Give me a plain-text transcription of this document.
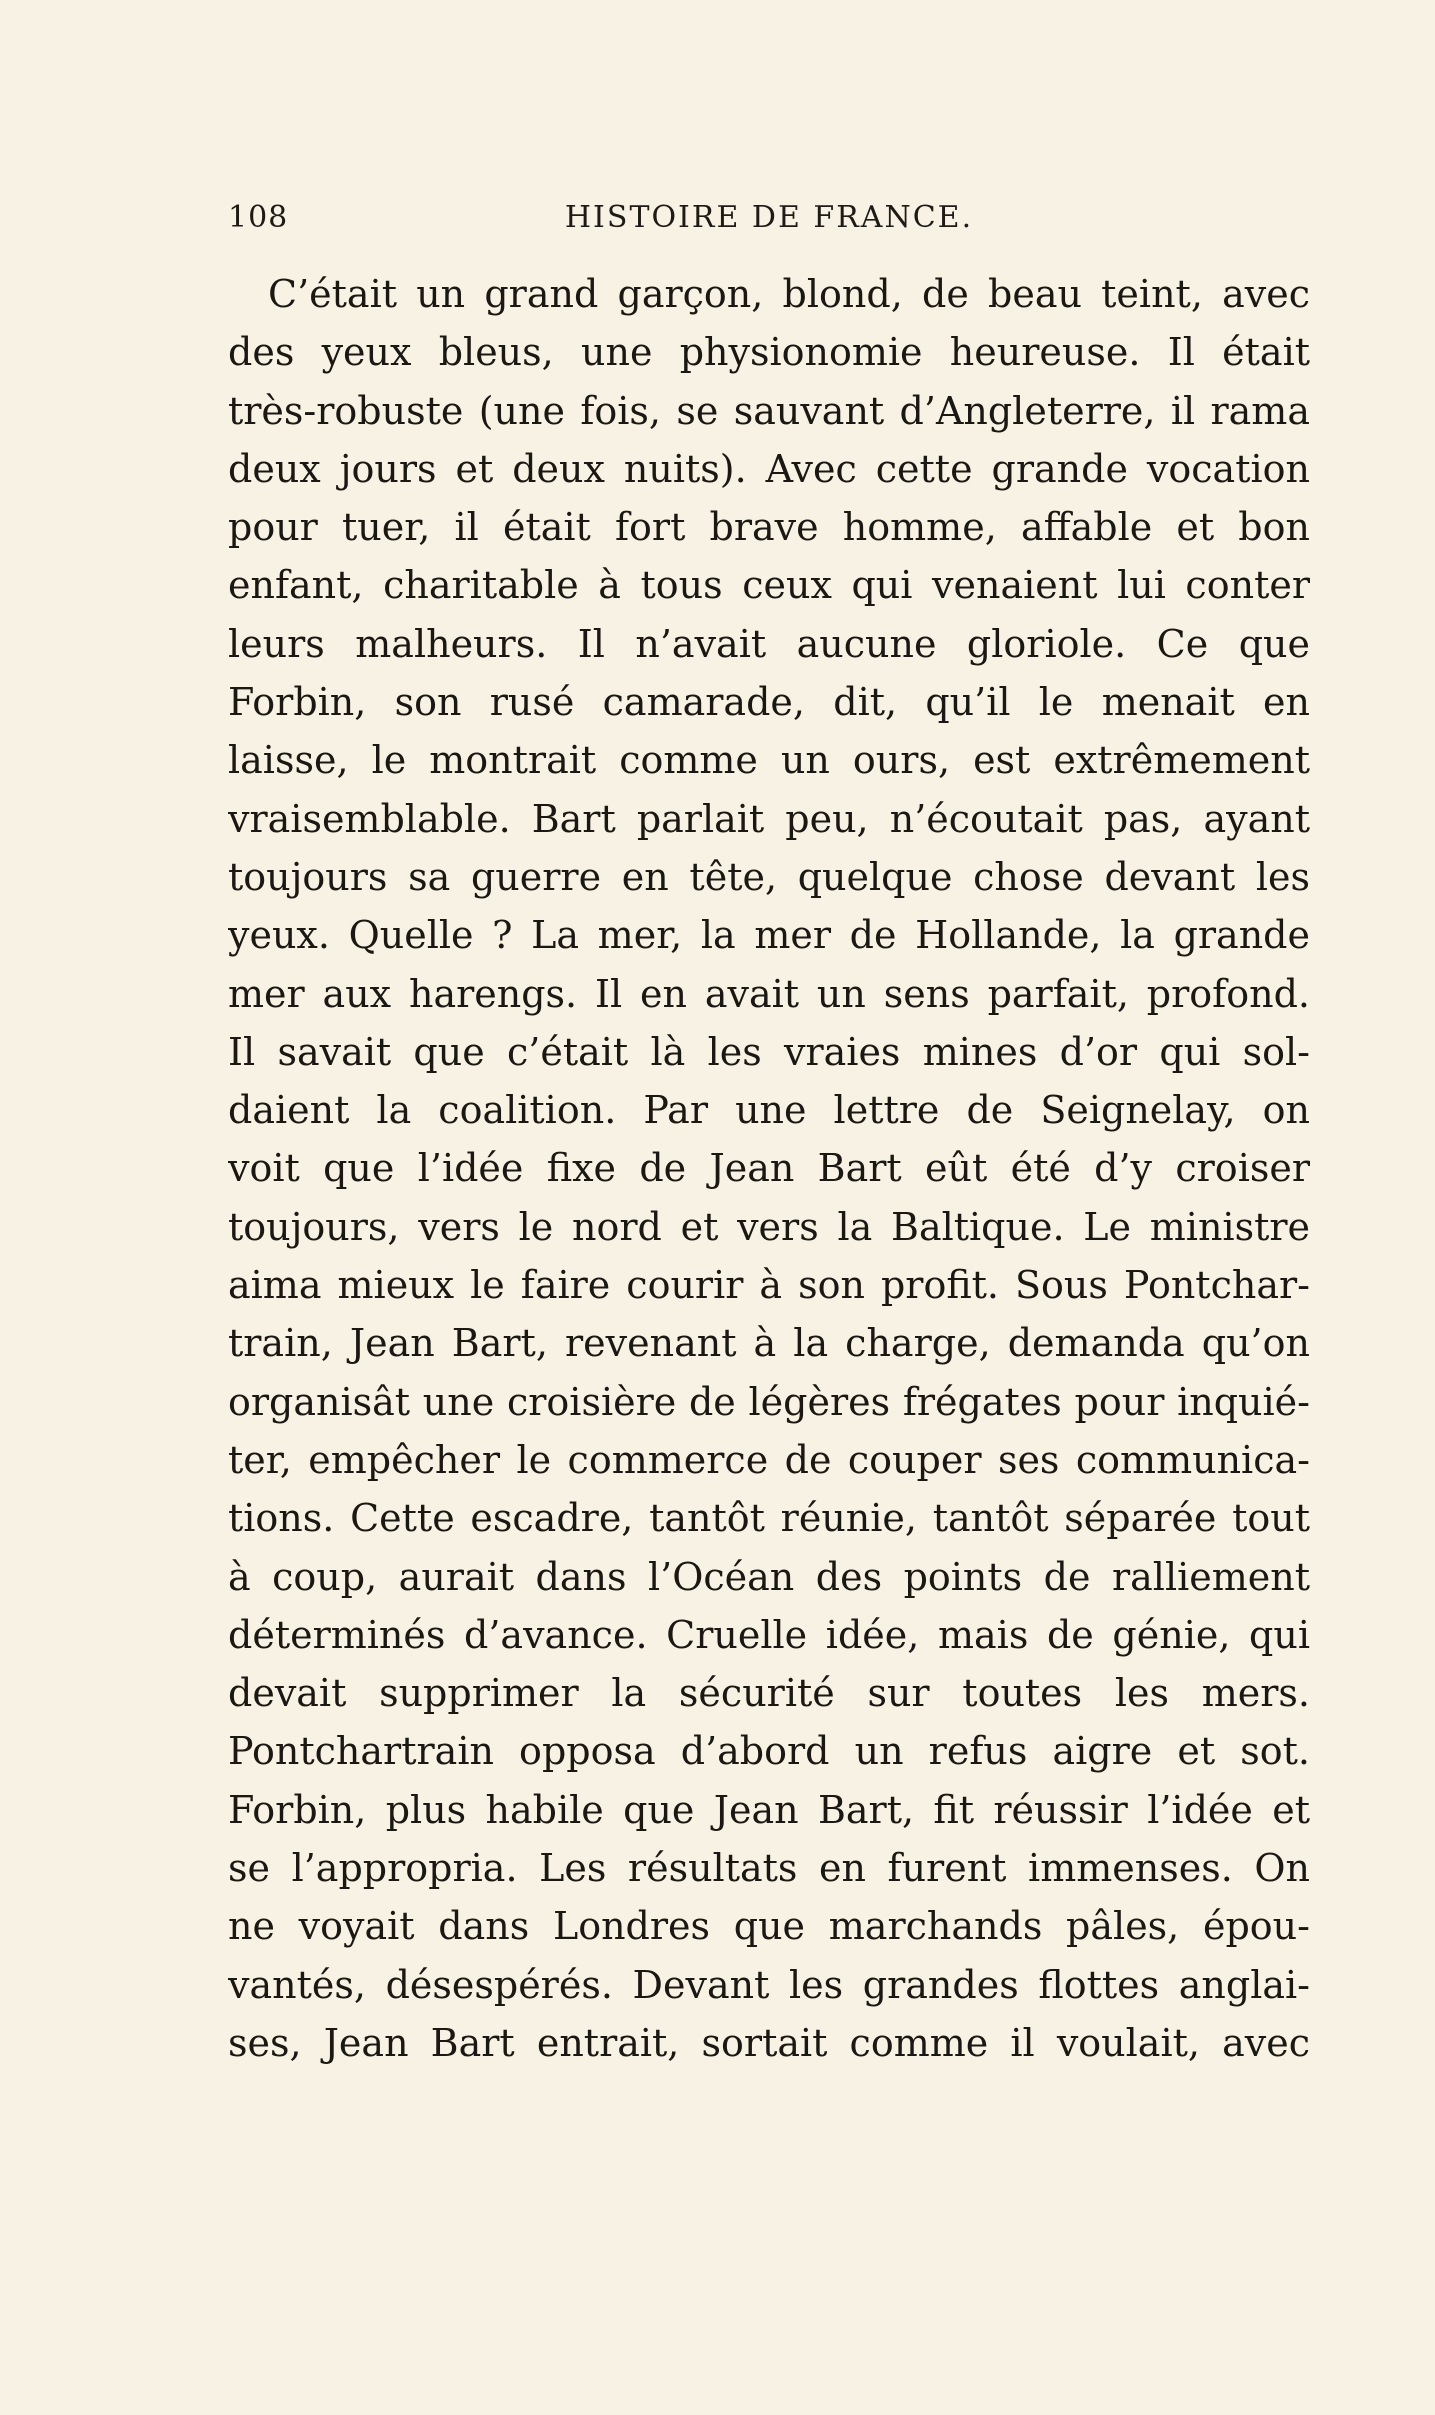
108	HISTOIRE DE FRANCE.
C’était un grand garçon, blond, de beau teint, avec
des yeux bleus, une physionomie heureuse. Il était
très-robuste (une fois, se sauvant d’Angleterre, il rama
deux jours et deux nuits). Avec cette grande vocation
pour tuer, il était fort brave homme, affable et bon
enfant, charitable à tous ceux qui venaient lui conter
leurs malheurs. Il n’avait aucune gloriole. Ce que
Forbin, son rusé camarade, dit, qu’il le menait en
laisse, le montrait comme un ours, est extrêmement
vraisemblable. Bart parlait peu, n’écoutait pas, ayant
toujours sa guerre en tête, quelque chose devant les
yeux. Quelle ? La mer, la mer de Hollande, la grande
mer aux harengs. Il en avait un sens parfait, profond.
Il savait que c’était là les vraies mines d’or qui sol-
daient la coalition. Par une lettre de Seignelay, on
voit que l’idée fixe de Jean Bart eût été d’y croiser
toujours, vers le nord et vers la Baltique. Le ministre
aima mieux le faire courir à son profit. Sous Pontchar-
train, Jean Bart, revenant à la charge, demanda qu’on
organisât une croisière de légères frégates pour inquié-
ter, empêcher le commerce de couper ses communica-
tions. Cette escadre, tantôt réunie, tantôt séparée tout
à coup, aurait dans l’Océan des points de ralliement
déterminés d’avance. Cruelle idée, mais de génie, qui
devait supprimer la sécurité sur toutes les mers.
Pontchartrain opposa d’abord un refus aigre et sot.
Forbin, plus habile que Jean Bart, fit réussir l’idée et
se l’appropria. Les résultats en furent immenses. On
ne voyait dans Londres que marchands pâles, épou-
vantés, désespérés. Devant les grandes flottes anglai-
ses, Jean Bart entrait, sortait comme il voulait, avec
